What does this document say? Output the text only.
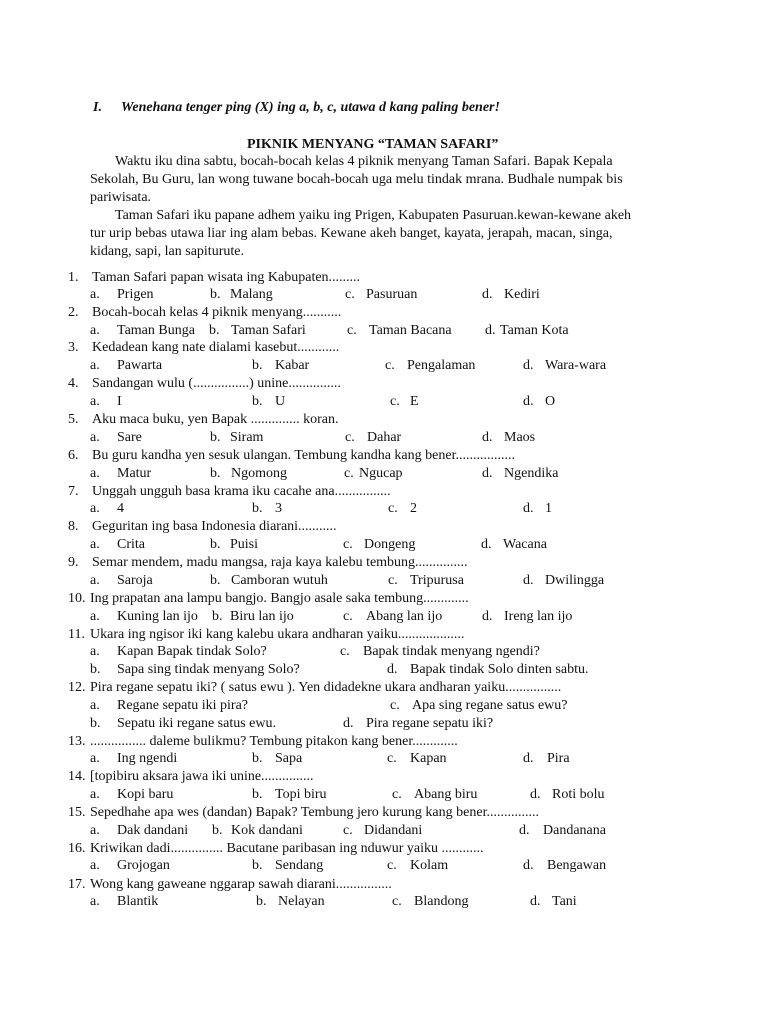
I. Wenehana tenger ping (X) ing a, b, c, utawa d kang paling bener!
PIKNIK MENYANG “TAMAN SAFARI”
Waktu iku dina sabtu, bocah-bocah kelas 4 piknik menyang Taman Safari. Bapak Kepala
Sekolah, Bu Guru, lan wong tuwane bocah-bocah uga melu tindak mrana. Budhale numpak bis
pariwisata.
Taman Safari iku papane adhem yaiku ing Prigen, Kabupaten Pasuruan.kewan-kewane akeh
tur urip bebas utawa liar ing alam bebas. Kewane akeh banget, kayata, jerapah, macan, singa,
kidang, sapi, lan sapiturute.
1. Taman Safari papan wisata ing Kabupaten.........
a. Prigen	b. Malang	c. Pasuruan	d. Kediri
2. Bocah-bocah kelas 4 piknik menyang...........
a. Taman Bunga b. Taman Safari	c. Taman Bacana d. Taman Kota
3. Kedadean kang nate dialami kasebut............
a. Pawarta	b. Kabar	c. Pengalaman	d. Wara-wara
4. Sandangan wulu (................) unine...............
a. I	b. U	c. E	d. O
5. Aku maca buku, yen Bapak .............. koran.
a. Sare	b. Siram	c. Dahar	d. Maos
6. Bu guru kandha yen sesuk ulangan. Tembung kandha kang bener.................
a. Matur	b. Ngomong	c. Ngucap	d. Ngendika
7. Unggah ungguh basa krama iku cacahe ana................
a. 4	b. 3	c. 2	d. 1
8. Geguritan ing basa Indonesia diarani...........
a. Crita	b. Puisi	c. Dongeng	d. Wacana
9. Semar mendem, madu mangsa, raja kaya kalebu tembung...............
a. Saroja	b. Camboran wutuh	c. Tripurusa	d. Dwilingga
10. Ing prapatan ana lampu bangjo. Bangjo asale saka tembung.............
a. Kuning lan ijo b. Biru lan ijo	c. Abang lan ijo	d. Ireng lan ijo
11. Ukara ing ngisor iki kang kalebu ukara andharan yaiku...................
a. Kapan Bapak tindak Solo?	c. Bapak tindak menyang ngendi?
b. Sapa sing tindak menyang Solo?	d. Bapak tindak Solo dinten sabtu.
12. Pira regane sepatu iki? ( satus ewu ). Yen didadekne ukara andharan yaiku................
a. Regane sepatu iki pira?	c. Apa sing regane satus ewu?
b. Sepatu iki regane satus ewu.	d. Pira regane sepatu iki?
13. ................ daleme bulikmu? Tembung pitakon kang bener.............
a. Ing ngendi	b. Sapa	c. Kapan	d. Pira
14. [topibiru aksara jawa iki unine...............
a. Kopi baru	b. Topi biru	c. Abang biru	d. Roti bolu
15. Sepedhahe apa wes (dandan) Bapak? Tembung jero kurung kang bener...............
a. Dak dandani b. Kok dandani	c. Didandani	d. Dandanana
16. Kriwikan dadi............... Bacutane paribasan ing nduwur yaiku ............
a. Grojogan	b. Sendang	c. Kolam	d. Bengawan
17. Wong kang gaweane nggarap sawah diarani................
a. Blantik	b. Nelayan	c. Blandong	d. Tani
